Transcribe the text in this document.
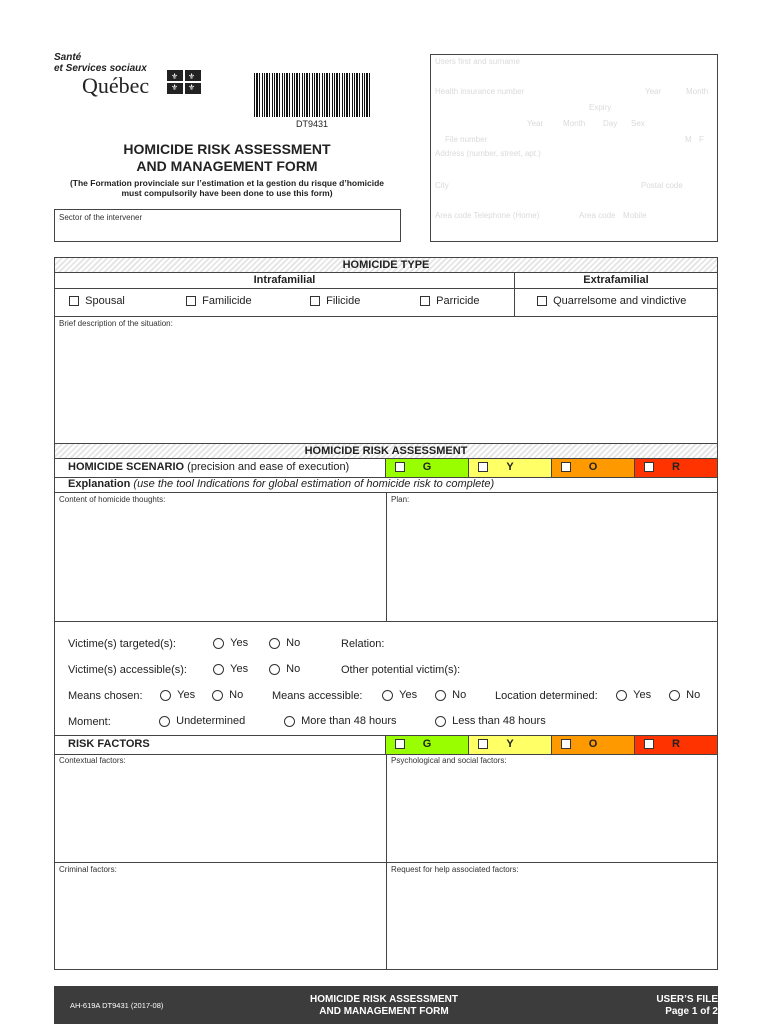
Santé
et Services sociaux
Québec	⚜ ⚜
⚜ ⚜
DT9431
HOMICIDE RISK ASSESSMENT
AND MANAGEMENT FORM
(The Formation provinciale sur l’estimation et la gestion du risque d’homicide
must compulsorily have been done to use this form)
Sector of the intervener
Users first and surname
Health insurance number	Year	Month
Expiry
Year Month Day Sex
File number	M F
Address (number, street, apt.)
City	Postal code
Area code Telephone (Home)	Area code Mobile
HOMICIDE TYPE
Intrafamilial	Extrafamilial
Spousal	Familicide	Filicide	Parricide	Quarrelsome and vindictive
Brief description of the situation:
HOMICIDE RISK ASSESSMENT
HOMICIDE SCENARIO (precision and ease of execution)	G	Y	O	R
Explanation (use the tool Indications for global estimation of homicide risk to complete)
Content of homicide thoughts:	Plan:
Victime(s) targeted(s):	Yes	No	Relation:
Victime(s) accessible(s):	Yes	No	Other potential victim(s):
Means chosen:	Yes	No	Means accessible:	Yes	No	Location determined:	Yes	No
Moment:	Undetermined	More than 48 hours	Less than 48 hours
RISK FACTORS	G	Y	O	R
Contextual factors:	Psychological and social factors:
Criminal factors:	Request for help associated factors:
AH-619A DT9431 (2017-08)
HOMICIDE RISK ASSESSMENT
AND MANAGEMENT FORM
USER’S FILE
Page 1 of 2
